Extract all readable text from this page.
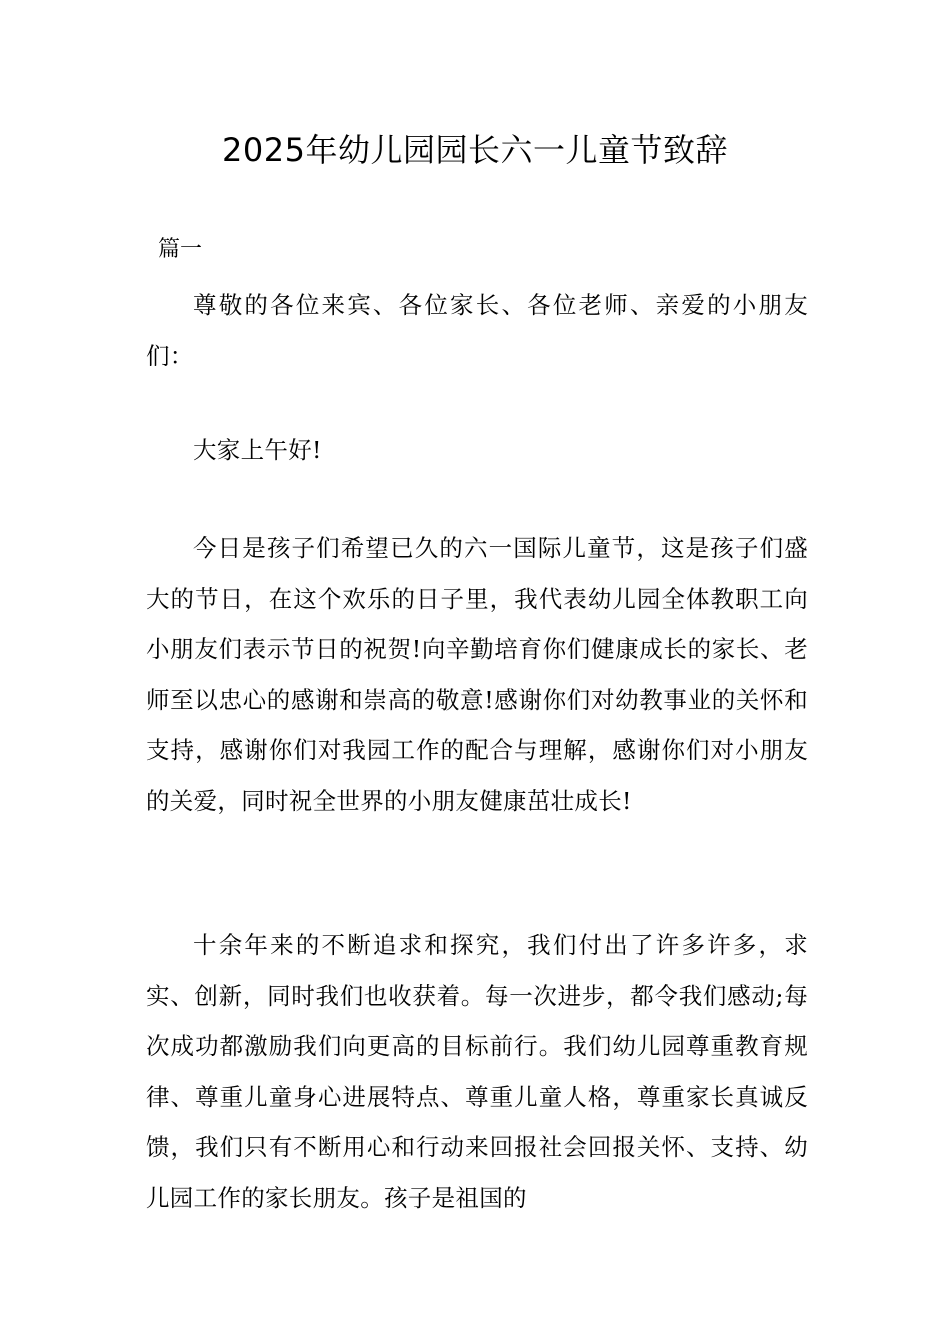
2025年幼儿园园长六一儿童节致辞

篇一

尊敬的各位来宾、各位家长、各位老师、亲爱的小朋友们：

大家上午好!

今日是孩子们希望已久的六一国际儿童节，这是孩子们盛大的节日，在这个欢乐的日子里，我代表幼儿园全体教职工向小朋友们表示节日的祝贺!向辛勤培育你们健康成长的家长、老师至以忠心的感谢和崇高的敬意!感谢你们对幼教事业的关怀和支持，感谢你们对我园工作的配合与理解，感谢你们对小朋友的关爱，同时祝全世界的小朋友健康茁壮成长!

十余年来的不断追求和探究，我们付出了许多许多，求实、创新，同时我们也收获着。每一次进步，都令我们感动;每次成功都激励我们向更高的目标前行。我们幼儿园尊重教育规律、尊重儿童身心进展特点、尊重儿童人格，尊重家长真诚反馈，我们只有不断用心和行动来回报社会回报关怀、支持、幼儿园工作的家长朋友。孩子是祖国的
